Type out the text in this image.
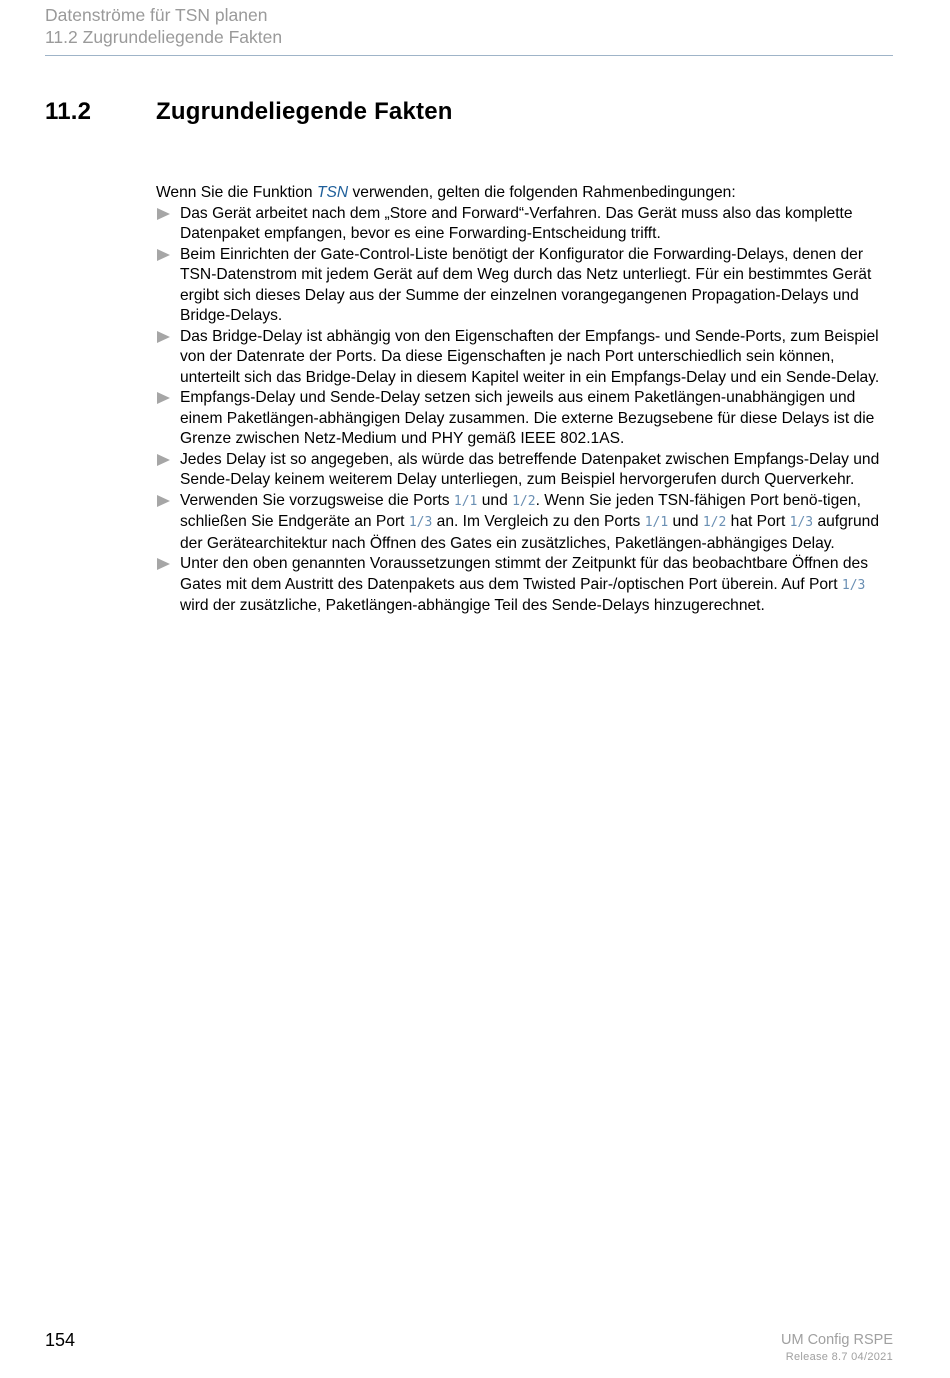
Datenströme für TSN planen
11.2 Zugrundeliegende Fakten
11.2	Zugrundeliegende Fakten

Wenn Sie die Funktion TSN verwenden, gelten die folgenden Rahmenbedingungen:

Das Gerät arbeitet nach dem „Store and Forward“-Verfahren. Das Gerät muss also das komplette Datenpaket empfangen, bevor es eine Forwarding-Entscheidung trifft.
Beim Einrichten der Gate-Control-Liste benötigt der Konfigurator die Forwarding-Delays, denen der TSN-Datenstrom mit jedem Gerät auf dem Weg durch das Netz unterliegt. Für ein bestimmtes Gerät ergibt sich dieses Delay aus der Summe der einzelnen vorangegangenen Propagation-Delays und Bridge-Delays.
Das Bridge-Delay ist abhängig von den Eigenschaften der Empfangs- und Sende-Ports, zum Beispiel von der Datenrate der Ports. Da diese Eigenschaften je nach Port unterschiedlich sein können, unterteilt sich das Bridge-Delay in diesem Kapitel weiter in ein Empfangs-Delay und ein Sende-Delay.
Empfangs-Delay und Sende-Delay setzen sich jeweils aus einem Paketlängen-unabhängigen und einem Paketlängen-abhängigen Delay zusammen. Die externe Bezugsebene für diese Delays ist die Grenze zwischen Netz-Medium und PHY gemäß IEEE 802.1AS.
Jedes Delay ist so angegeben, als würde das betreffende Datenpaket zwischen Empfangs-Delay und Sende-Delay keinem weiterem Delay unterliegen, zum Beispiel hervorgerufen durch Querverkehr.
Verwenden Sie vorzugsweise die Ports 1/1 und 1/2. Wenn Sie jeden TSN-fähigen Port benö-tigen, schließen Sie Endgeräte an Port 1/3 an. Im Vergleich zu den Ports 1/1 und 1/2 hat Port 1/3 aufgrund der Gerätearchitektur nach Öffnen des Gates ein zusätzliches, Paketlängen-abhängiges Delay.
Unter den oben genannten Voraussetzungen stimmt der Zeitpunkt für das beobachtbare Öffnen des Gates mit dem Austritt des Datenpakets aus dem Twisted Pair-/optischen Port überein. Auf Port 1/3 wird der zusätzliche, Paketlängen-abhängige Teil des Sende-Delays hinzugerechnet.
154	UM Config RSPE
Release 8.7 04/2021
